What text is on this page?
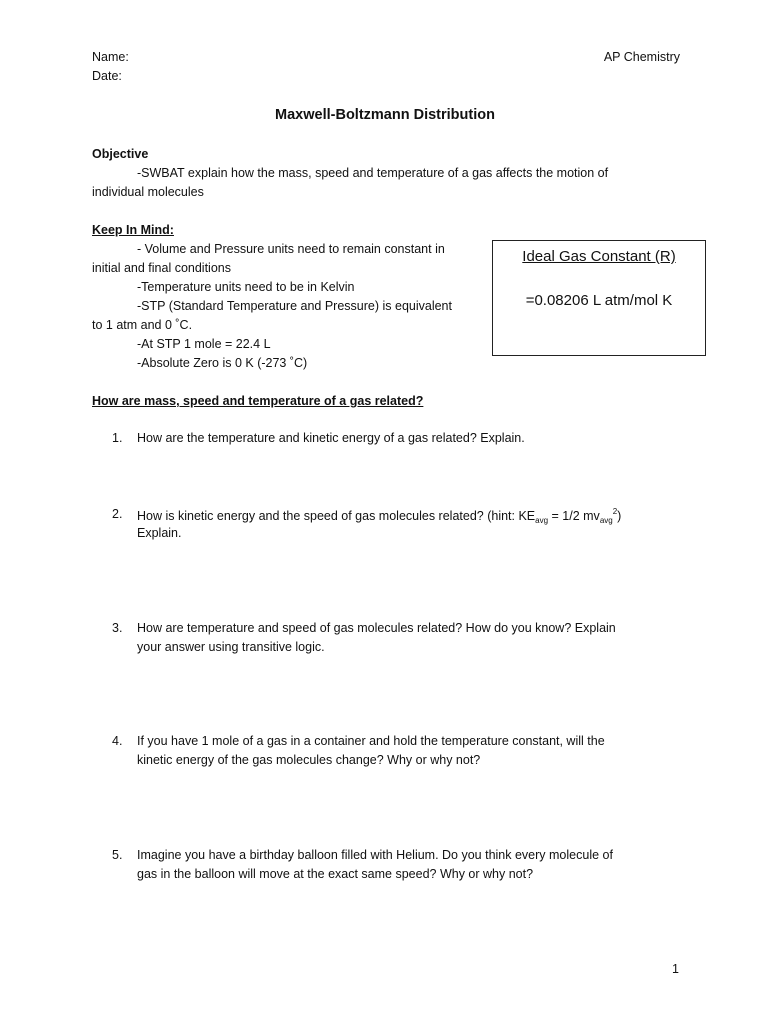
Name:
Date:
AP Chemistry
Maxwell-Boltzmann Distribution
Objective
-SWBAT explain how the mass, speed and temperature of a gas affects the motion of
individual molecules
Keep In Mind:
- Volume and Pressure units need to remain constant in
initial and final conditions
-Temperature units need to be in Kelvin
-STP (Standard Temperature and Pressure) is equivalent
to 1 atm and 0 ˚C.
-At STP 1 mole = 22.4 L
-Absolute Zero is 0 K (-273 ˚C)
Ideal Gas Constant (R)
=0.08206 L atm/mol K
How are mass, speed and temperature of a gas related?
1. How are the temperature and kinetic energy of a gas related? Explain.
2. How is kinetic energy and the speed of gas molecules related? (hint: $KE_{avg} = 1/2$ $mv_{avg}^2$)
Explain.
3. How are temperature and speed of gas molecules related? How do you know? Explain
your answer using transitive logic.
4. If you have 1 mole of a gas in a container and hold the temperature constant, will the
kinetic energy of the gas molecules change? Why or why not?
5. Imagine you have a birthday balloon filled with Helium. Do you think every molecule of
gas in the balloon will move at the exact same speed? Why or why not?
1
